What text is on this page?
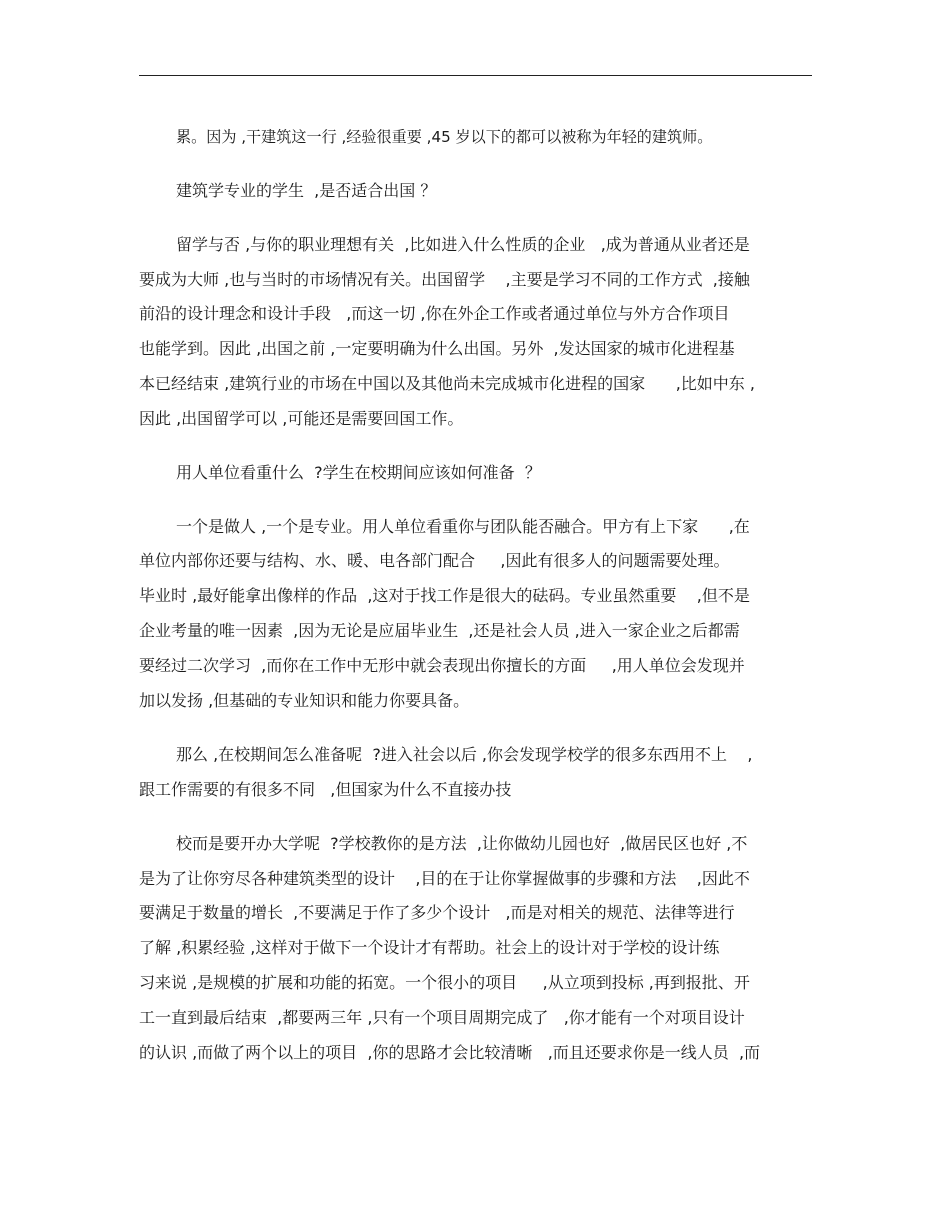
累。因为 ,干建筑这一行 ,经验很重要 ,45 岁以下的都可以被称为年轻的建筑师。
建筑学专业的学生  ,是否适合出国 ？
留学与否 ,与你的职业理想有关  ,比如进入什么性质的企业   ,成为普通从业者还是
要成为大师 ,也与当时的市场情况有关。出国留学    ,主要是学习不同的工作方式  ,接触
前沿的设计理念和设计手段   ,而这一切 ,你在外企工作或者通过单位与外方合作项目
也能学到。因此 ,出国之前 ,一定要明确为什么出国。另外  ,发达国家的城市化进程基
本已经结束 ,建筑行业的市场在中国以及其他尚未完成城市化进程的国家      ,比如中东 ,
因此 ,出国留学可以 ,可能还是需要回国工作。
用人单位看重什么  ?学生在校期间应该如何准备  ？
一个是做人 ,一个是专业。用人单位看重你与团队能否融合。甲方有上下家      ,在
单位内部你还要与结构、水、暖、电各部门配合     ,因此有很多人的问题需要处理。
毕业时 ,最好能拿出像样的作品  ,这对于找工作是很大的砝码。专业虽然重要    ,但不是
企业考量的唯一因素  ,因为无论是应届毕业生  ,还是社会人员 ,进入一家企业之后都需
要经过二次学习  ,而你在工作中无形中就会表现出你擅长的方面     ,用人单位会发现并
加以发扬 ,但基础的专业知识和能力你要具备。
那么 ,在校期间怎么准备呢  ?进入社会以后 ,你会发现学校学的很多东西用不上    ,
跟工作需要的有很多不同   ,但国家为什么不直接办技
校而是要开办大学呢  ?学校教你的是方法  ,让你做幼儿园也好  ,做居民区也好 ,不
是为了让你穷尽各种建筑类型的设计    ,目的在于让你掌握做事的步骤和方法    ,因此不
要满足于数量的增长  ,不要满足于作了多少个设计   ,而是对相关的规范、法律等进行
了解 ,积累经验 ,这样对于做下一个设计才有帮助。社会上的设计对于学校的设计练
习来说 ,是规模的扩展和功能的拓宽。一个很小的项目     ,从立项到投标 ,再到报批、开
工一直到最后结束  ,都要两三年 ,只有一个项目周期完成了   ,你才能有一个对项目设计
的认识 ,而做了两个以上的项目  ,你的思路才会比较清晰   ,而且还要求你是一线人员  ,而
